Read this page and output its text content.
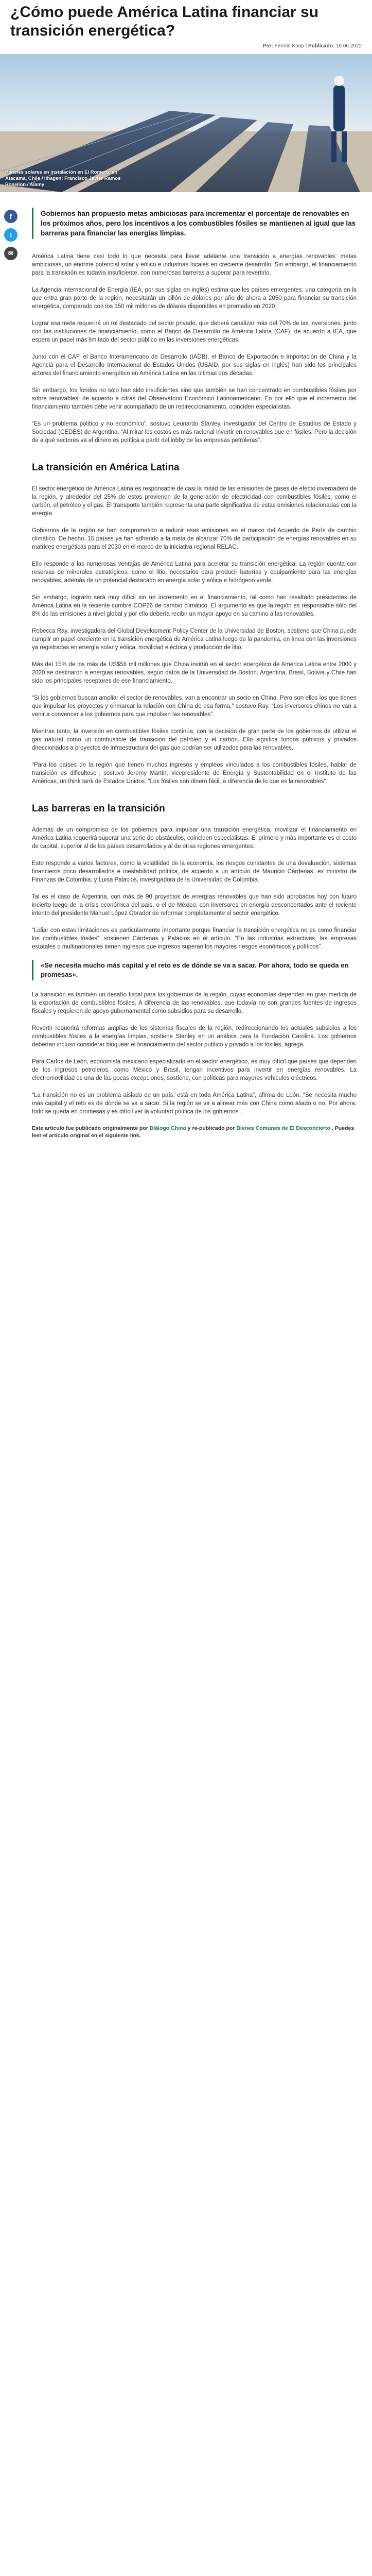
¿Cómo puede América Latina financiar su transición energética?
Por: Fermin Koop | Publicado: 10.06.2022
Paneles solares en instalación en El Romero, en Atacama, Chile / Imagen: Francisco Javier Ramos Rosellon / Alamy
f
t
✉
Gobiernos han propuesto metas ambiciosas para incrementar el porcentaje de renovables en los próximos años, pero los incentivos a los combustibles fósiles se mantienen al igual que las barreras para financiar las energías limpias.

América Latina tiene casi todo lo que necesita para llevar adelante una transición a energías renovables: metas ambiciosas, un enorme potencial solar y eólico e industrias locales en creciente desarrollo. Sin embargo, el financiamiento para la transición es todavía insuficiente, con numerosas barreras a superar para revertirlo.

La Agencia Internacional de Energía (IEA, por sus siglas en inglés) estima que los países emergentes, una categoría en la que entra gran parte de la región, necesitarán un billón de dólares por año de ahora a 2050 para financiar su transición energética, comparado con los 150 mil millones de dólares disponibles en promedio en 2020.

Lograr esa meta requerirá un rol destacado del sector privado, que deberá canalizar más del 70% de las inversiones, junto con las instituciones de financiamiento, como el Banco de Desarrollo de América Latina (CAF), de acuerdo a IEA, que espera un papel más limitado del sector público en las inversiones energéticas.

Junto con el CAF, el Banco Interamericano de Desarrollo (IADB), el Banco de Exportación e Importación de China y la Agencia para el Desarrollo Internacional de Estados Unidos (USAID, por sus siglas en inglés) han sido los principales actores del financiamiento energético en América Latina en las últimas dos décadas.

Sin embargo, los fondos no sólo han sido insuficientes sino que también se han concentrado en combustibles fósiles por sobre renovables, de acuerdo a cifras del Observatorio Económico Latinoamericano. En por ello que el incremento del financiamiento también debe venir acompañado de un redireccionamiento, coinciden especialistas.

“Es un problema político y no económico”, sostuvo Leonardo Stanley, investigador del Centro de Estudios de Estado y Sociedad (CEDES) de Argentina. “Al mirar los costos es más racional invertir en renovables que en fósiles. Pero la decisión de a qué sectores va el dinero es política a partir del lobby de las empresas petroleras”.

La transición en América Latina

El sector energético de América Latina es responsable de casi la mitad de las emisiones de gases de efecto invernadero de la región, y alrededor del 25% de estos provienen de la generación de electricidad con combustibles fósiles, como el carbón, el petróleo y el gas. El transporte también representa una parte significativa de estas emisiones relacionadas con la energía.

Gobiernos de la región se han comprometido a reducir esas emisiones en el marco del Acuerdo de París de cambio climático. De hecho, 15 países ya han adherido a la meta de alcanzar 70% de participación de energías renovables en su matrices energéticas para el 2030 en el marco de la iniciativa regional RELAC.

Ello responde a las numerosas ventajas de América Latina para acelerar su transición energética. La región cuenta con reservas de minerales estratégicos, como el litio, necesarios para producir baterías y equipamiento para las energías renovables, además de un potencial destacado en energía solar y eólica e hidrógeno verde.

Sin embargo, lograrlo será muy difícil sin un incremento en el financiamiento, tal como han resaltado presidentes de América Latina en la reciente cumbre COP26 de cambio climático. El argumento es que la región es responsable sólo del 8% de las emisiones a nivel global y por ello debería recibir un mayor apoyo en su camino a las renovables.

Rebecca Ray, investigadora del Global Development Policy Center de la Universidad de Boston, sostiene que China puede cumplir un papel creciente en la transición energética de América Latina luego de la pandemia, en línea con las inversiones ya registradas en energía solar y eólica, movilidad eléctrica y producción de litio.

Más del 15% de los más de US$58 mil millones que China invirtió en el sector energético de América Latina entre 2000 y 2020 se destinaron a energías renovables, según datos de la Universidad de Boston. Argentina, Brasil, Bolivia y Chile han sido los principales receptores de ese financiamiento.

“Si los gobiernos buscan ampliar el sector de renovables, van a encontrar un socio en China. Pero son ellos los que tienen que impulsar los proyectos y enmarcar la relación con China de esa forma,” sostuvo Ray. “Los inversores chinos no van a venir a convencer a los gobiernos para que impulsen las renovables”.

Mientras tanto, la inversión en combustibles fósiles continúa, con la decisión de gran parte de los gobiernos de utilizar el gas natural como un combustible de transición del petróleo y el carbón. Ello significa fondos públicos y privados direccionados a proyectos de infraestructura del gas que podrían ser utilizados para las renovables.

“Para los países de la región que tienen muchos ingresos y empleos vinculados a los combustibles fósiles, hablar de transición es dificultoso”, sostuvo Jeremy Martin, vicepresidente de Energía y Sustentabilidad en el Instituto de las Américas, un think tank de Estados Unidos. “Los fósiles son dinero fácil, a diferencia de lo que es la renovables”.

Las barreras en la transición

Además de un compromiso de los gobiernos para impulsar una transición energética, movilizar el financiamiento en América Latina requerirá superar una serie de obstáculos, coinciden especialistas. El primero y más importante es el costo de capital, superior al de los países desarrollados y al de otras regiones emergentes.

Esto responde a varios factores, como la volatilidad de la economía, los riesgos constantes de una devaluación, sistemas financieros poco desarrollados e inestabilidad política, de acuerdo a un artículo de Mauricio Cárdenas, ex ministro de Finanzas de Colombia, y Luisa Palacios, investigadora de la Universidad de Colombia.

Tal es el caso de Argentina, con más de 90 proyectos de energías renovables que han sido aprobados hoy con futuro incierto luego de la crisis económica del país, o el de México, con inversores en energía desconcertados ante el reciente intento del presidente Manuel López Obrador de reformar completamente el sector energético.

“Lidiar con estas limitaciones es particularmente importante porque financiar la transición energética no es como financiar los combustibles fósiles”, sostienen Cárdenas y Palacios en el artículo. “En las industrias extractivas, las empresas estatales o multinacionales tienen ingresos que ingresos superan los mayores riesgos económicos y políticos”.

«Se necesita mucho más capital y el reto es de dónde se va a sacar. Por ahora, todo se queda en promesas».

La transición es también un desafío fiscal para los gobiernos de la región, cuyas economías dependen en gran medida de la exportación de combustibles fósiles. A diferencia de las renovables, que todavía no son grandes fuentes de ingresos fiscales y requieren de apoyo gubernamental como subsidios para su desarrollo.

Revertir requerirá reformas amplias de los sistemas fiscales de la región, redireccionando los actuales subsidios a los combustibles fósiles a la energías limpias, sostiene Stanley en un análisis para la Fundación Carolina. Los gobiernos deberían incluso considerar bloquear el financiamiento del sector público y privado a los fósiles, agrega.

Para Carlos de León, economista mexicano especializado en el sector energético, es muy difícil que países que dependen de los ingresos petroleros, como México y Brasil, tengan incentivos para invertir en energías renovables. La electromovilidad es una de las pocas excepciones, sostiene, con políticas para mayores vehículos eléctricos.

“La transición no es un problema aislado de un país, está en toda América Latina”, afirma de León. “Se necesita mucho más capital y el reto es de dónde se va a sacar. Si la región se va a alinear más con China como aliado o no. Por ahora, todo se queda en promesas y es difícil ver la voluntad política de los gobiernos”.

Este artículo fue publicado originalmente por Diálogo Chino y re-publicado por Bienes Comunes de El Desconcierto . Puedes leer el artículo original en el siguiente link.
